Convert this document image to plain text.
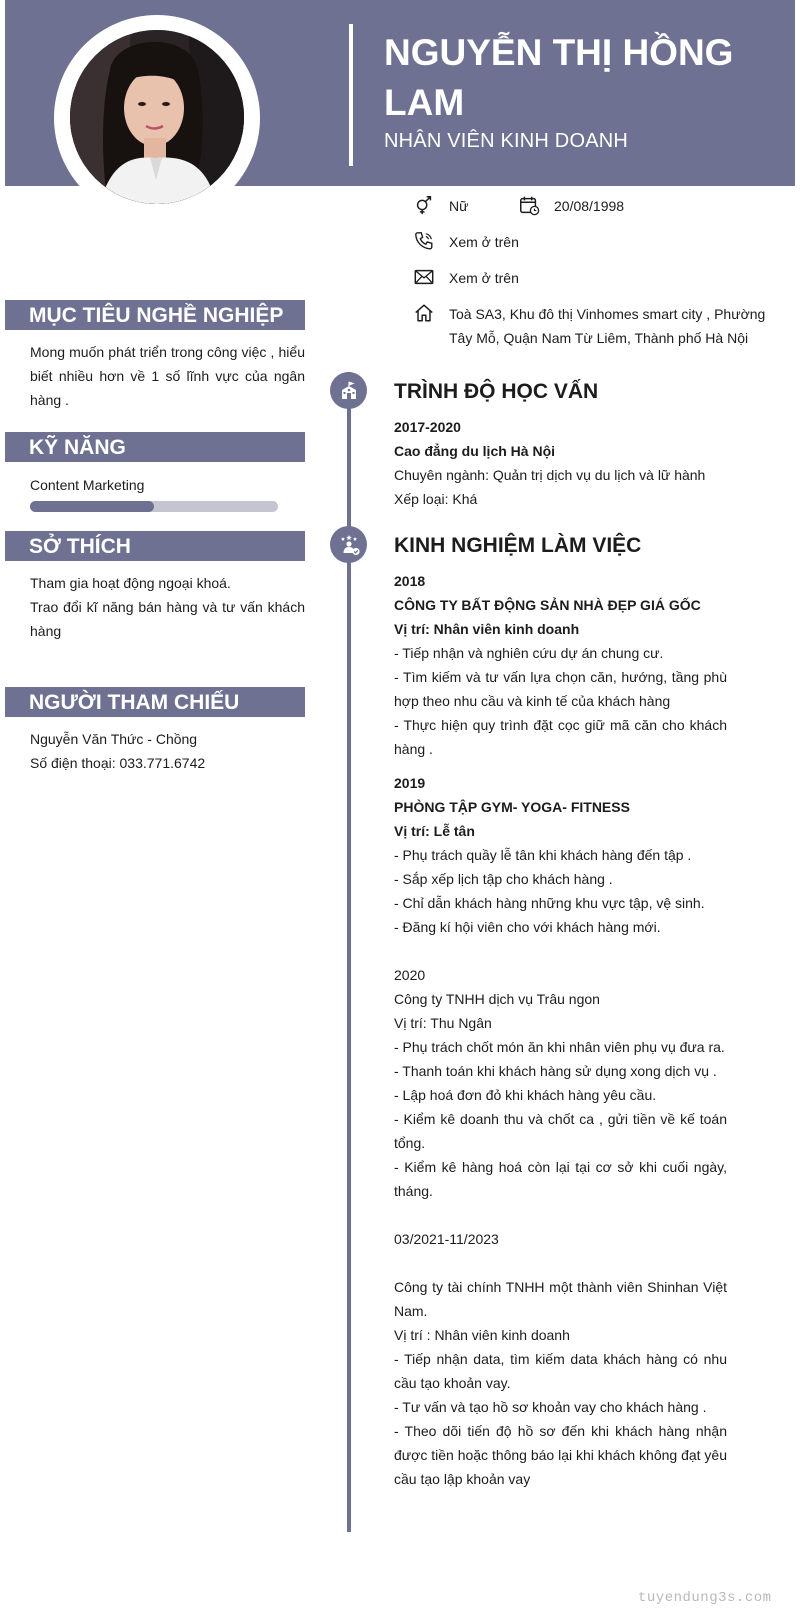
NGUYỄN THỊ HỒNG LAM
NHÂN VIÊN KINH DOANH
Nữ	20/08/1998
Xem ở trên
Xem ở trên
Toà SA3, Khu đô thị Vinhomes smart city , Phường Tây Mỗ, Quận Nam Từ Liêm, Thành phố Hà Nội
MỤC TIÊU NGHỀ NGHIỆP
Mong muốn phát triển trong công việc , hiểu biết nhiều hơn về 1 số lĩnh vực của ngân hàng .
KỸ NĂNG
Content Marketing
SỞ THÍCH
Tham gia hoạt động ngoại khoá.
Trao đổi kĩ năng bán hàng và tư vấn khách hàng
NGƯỜI THAM CHIẾU
Nguyễn Văn Thức - Chồng
Số điện thoại: 033.771.6742
TRÌNH ĐỘ HỌC VẤN
2017-2020
Cao đẳng du lịch Hà Nội
Chuyên ngành: Quản trị dịch vụ du lịch và lữ hành
Xếp loại: Khá
KINH NGHIỆM LÀM VIỆC
2018
CÔNG TY BẤT ĐỘNG SẢN NHÀ ĐẸP GIÁ GỐC
Vị trí: Nhân viên kinh doanh
- Tiếp nhận và nghiên cứu dự án chung cư.
- Tìm kiếm và tư vấn lựa chọn căn, hướng, tầng phù hợp theo nhu cầu và kinh tế của khách hàng
- Thực hiện quy trình đặt cọc giữ mã căn cho khách hàng .
2019
PHÒNG TẬP GYM- YOGA- FITNESS
Vị trí: Lễ tân
- Phụ trách quầy lễ tân khi khách hàng đến tập .
- Sắp xếp lịch tập cho khách hàng .
- Chỉ dẫn khách hàng những khu vực tập, vệ sinh.
- Đăng kí hội viên cho với khách hàng mới.
2020
Công ty TNHH dịch vụ Trâu ngon
Vị trí: Thu Ngân
- Phụ trách chốt món ăn khi nhân viên phụ vụ đưa ra.
- Thanh toán khi khách hàng sử dụng xong dịch vụ .
- Lập hoá đơn đỏ khi khách hàng yêu cầu.
- Kiểm kê doanh thu và chốt ca , gửi tiền về kế toán tổng.
- Kiểm kê hàng hoá còn lại tại cơ sở khi cuối ngày, tháng.
03/2021-11/2023
Công ty tài chính TNHH một thành viên Shinhan Việt Nam.
Vị trí : Nhân viên kinh doanh
- Tiếp nhận data, tìm kiếm data khách hàng có nhu cầu tạo khoản vay.
- Tư vấn và tạo hồ sơ khoản vay cho khách hàng .
- Theo dõi tiến độ hồ sơ đến khi khách hàng nhận được tiền hoặc thông báo lại khi khách không đạt yêu cầu tạo lập khoản vay
tuyendung3s.com
